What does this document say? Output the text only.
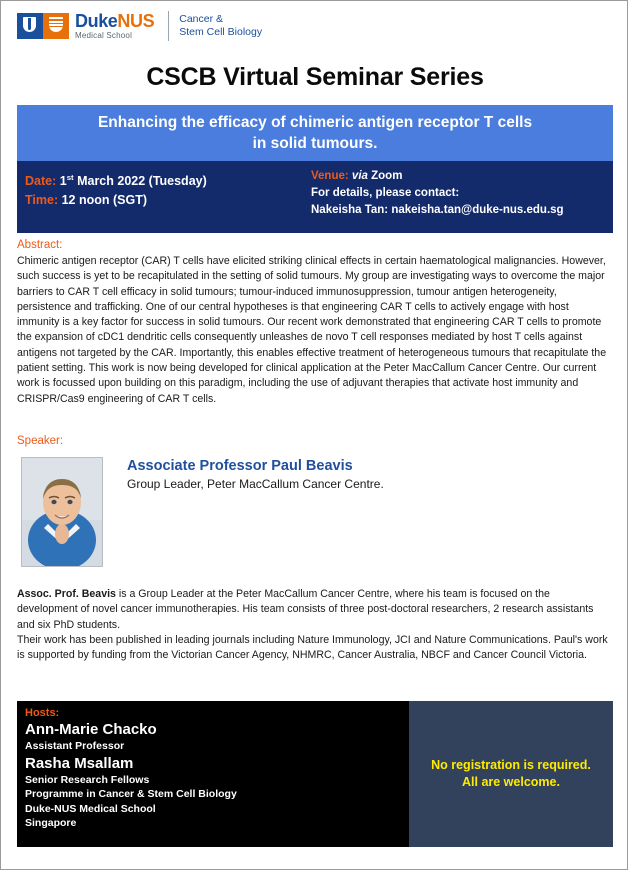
DukeNUS
Medical School
Cancer &
Stem Cell Biology
CSCB Virtual Seminar Series
Enhancing the efficacy of chimeric antigen receptor T cells
in solid tumours.
Date: 1st March 2022 (Tuesday)
Time: 12 noon (SGT)
Venue: via Zoom
For details, please contact:
Nakeisha Tan: nakeisha.tan@duke-nus.edu.sg
Abstract:
Chimeric antigen receptor (CAR) T cells have elicited striking clinical effects in certain haematological malignancies. However, such success is yet to be recapitulated in the setting of solid tumours. My group are investigating ways to overcome the major barriers to CAR T cell efficacy in solid tumours; tumour-induced immunosuppression, tumour antigen heterogeneity, persistence and trafficking. One of our central hypotheses is that engineering CAR T cells to actively engage with host immunity is a key factor for success in solid tumours. Our recent work demonstrated that engineering CAR T cells to promote the expansion of cDC1 dendritic cells consequently unleashes de novo T cell responses mediated by host T cells against antigens not targeted by the CAR. Importantly, this enables effective treatment of heterogeneous tumours that recapitulate the patient setting. This work is now being developed for clinical application at the Peter MacCallum Cancer Centre. Our current work is focussed upon building on this paradigm, including the use of adjuvant therapies that activate host immunity and CRISPR/Cas9 engineering of CAR T cells.
Speaker:
Associate Professor Paul Beavis
Group Leader, Peter MacCallum Cancer Centre.
Assoc. Prof. Beavis is a Group Leader at the Peter MacCallum Cancer Centre, where his team is focused on the development of novel cancer immunotherapies. His team consists of three post-doctoral researchers, 2 research assistants and six PhD students.
Their work has been published in leading journals including Nature Immunology, JCI and Nature Communications. Paul's work is supported by funding from the Victorian Cancer Agency, NHMRC, Cancer Australia, NBCF and Cancer Council Victoria.
Hosts:
Ann-Marie Chacko
Assistant Professor
Rasha Msallam
Senior Research Fellows
Programme in Cancer & Stem Cell Biology
Duke-NUS Medical School
Singapore
No registration is required.
All are welcome.
